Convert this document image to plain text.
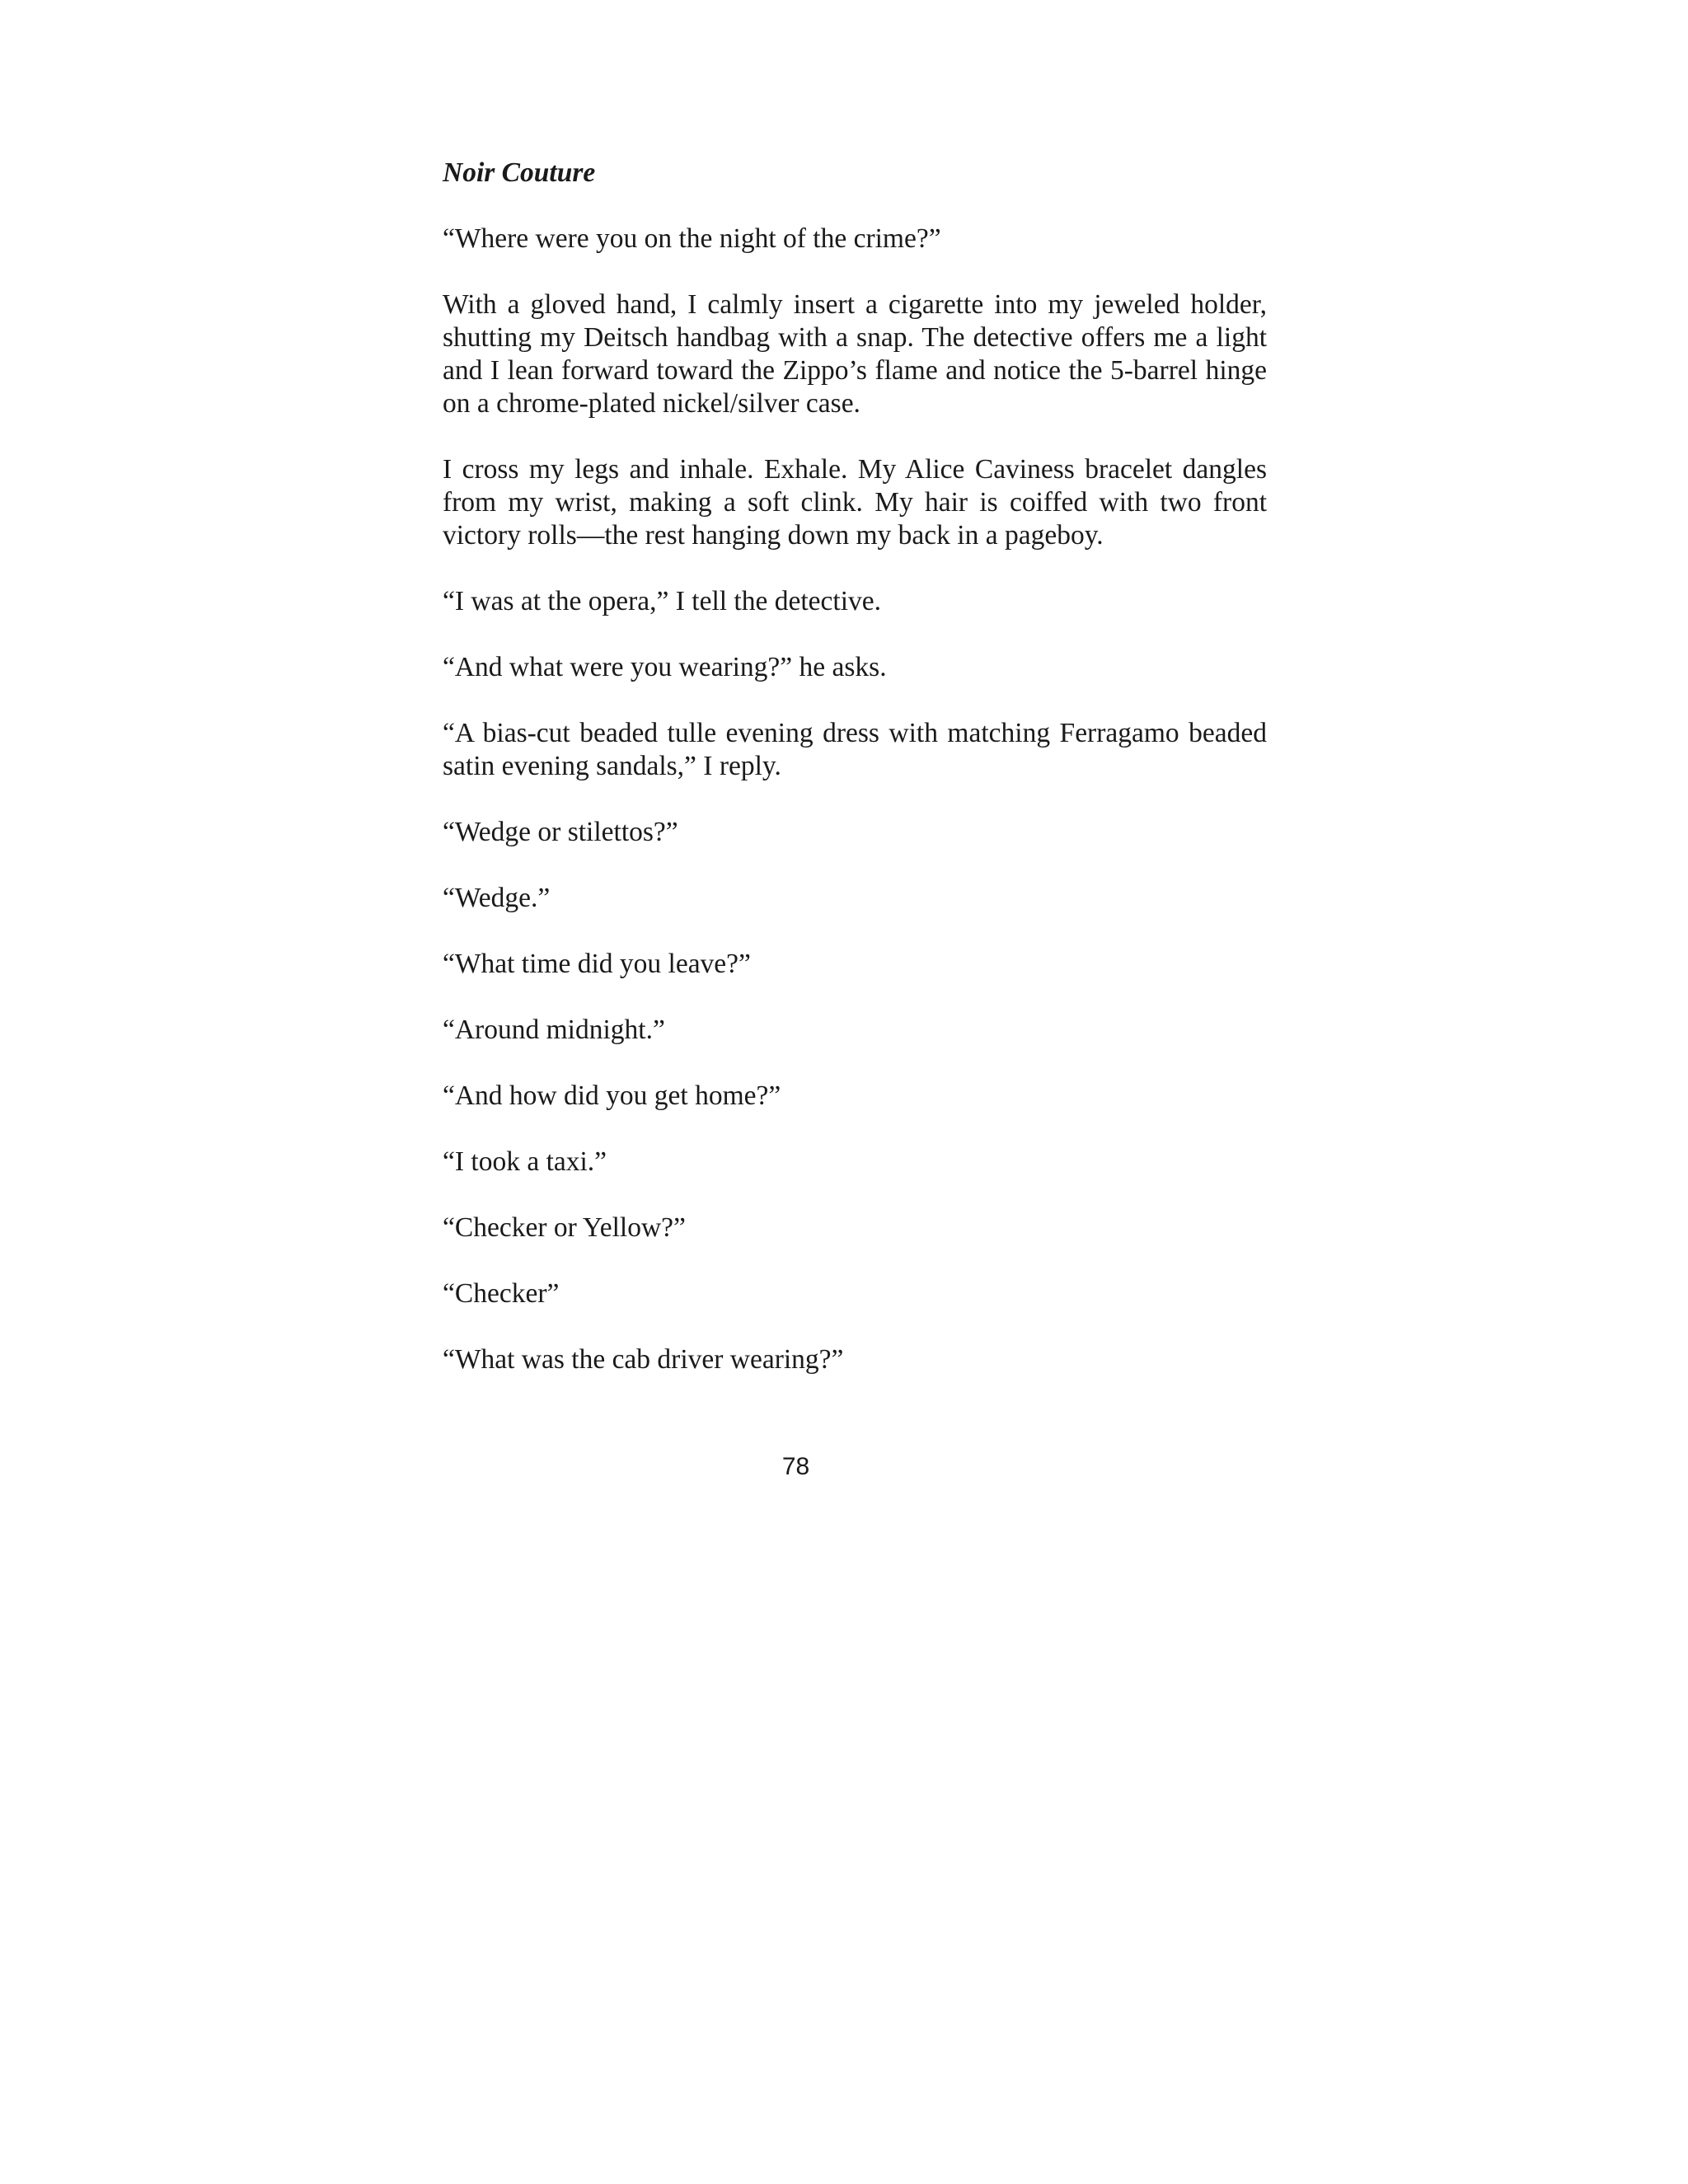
Noir Couture

“Where were you on the night of the crime?”

With a gloved hand, I calmly insert a cigarette into my jeweled holder, shutting my Deitsch handbag with a snap. The detective offers me a light and I lean forward toward the Zippo’s flame and notice the 5-barrel hinge on a chrome-plated nickel/silver case.

I cross my legs and inhale. Exhale. My Alice Caviness bracelet dangles from my wrist, making a soft clink. My hair is coiffed with two front victory rolls—the rest hanging down my back in a pageboy.

“I was at the opera,” I tell the detective.

“And what were you wearing?” he asks.

“A bias-cut beaded tulle evening dress with matching Ferragamo beaded satin evening sandals,” I reply.

“Wedge or stilettos?”

“Wedge.”

“What time did you leave?”

“Around midnight.”

“And how did you get home?”

“I took a taxi.”

“Checker or Yellow?”

“Checker”

“What was the cab driver wearing?”

78
